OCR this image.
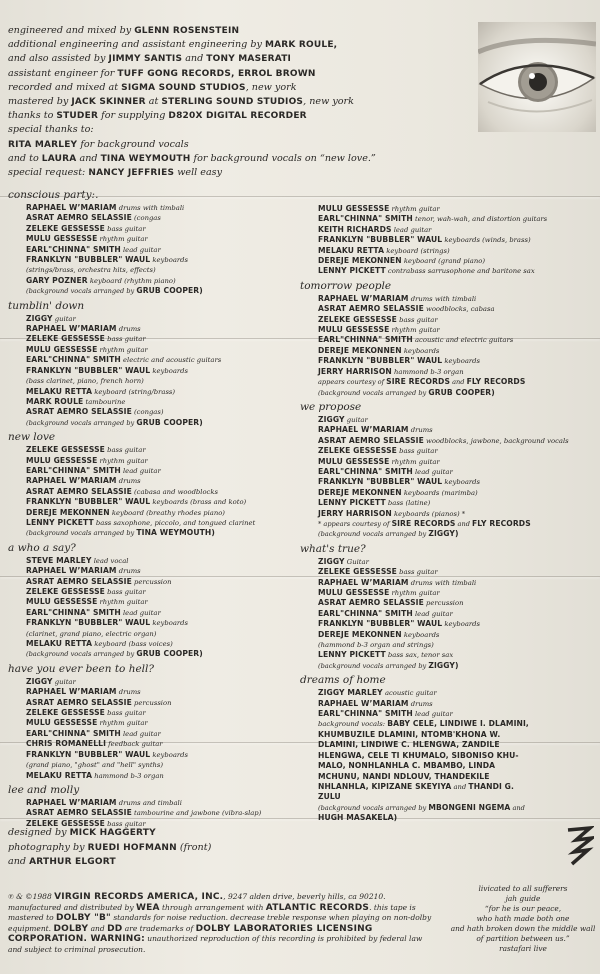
engineered and mixed by GLENN ROSENSTEIN
additional engineering and assistant engineering by MARK ROULE,
and also assisted by JIMMY SANTIS and TONY MASERATI
assistant engineer for TUFF GONG RECORDS, ERROL BROWN
recorded and mixed at SIGMA SOUND STUDIOS, new york
mastered by JACK SKINNER at STERLING SOUND STUDIOS, new york
thanks to STUDER for supplying D820X DIGITAL RECORDER
special thanks to:
RITA MARLEY for background vocals
and to LAURA and TINA WEYMOUTH for background vocals on “new love.”
special request: NANCY JEFFRIES well easy
conscious party:.
RAPHAEL W’MARIAM drums with timbali
ASRAT AEMRO SELASSIE (congas
ZELEKE GESSESSE bass guitar
MULU GESSESSE rhythm guitar
EARL"CHINNA" SMITH lead guitar
FRANKLYN "BUBBLER" WAUL keyboards
(strings/brass, orchestra hits, effects)
GARY POZNER keyboard (rhythm piano)
(background vocals arranged by GRUB COOPER)
tumblin' down
ZIGGY guitar
RAPHAEL W’MARIAM drums
ZELEKE GESSESSE bass guitar
MULU GESSESSE rhythm guitar
EARL"CHINNA" SMITH electric and acoustic guitars
FRANKLYN "BUBBLER" WAUL keyboards
(bass clarinet, piano, french horn)
MELAKU RETTA keyboard (string/brass)
MARK ROULE tambourine
ASRAT AEMRO SELASSIE (congas)
(background vocals arranged by GRUB COOPER)
new love
ZELEKE GESSESSE bass guitar
MULU GESSESSE rhythm guitar
EARL"CHINNA" SMITH lead guitar
RAPHAEL W’MARIAM drums
ASRAT AEMRO SELASSIE (cabasa and woodblocks
FRANKLYN "BUBBLER" WAUL keyboards (brass and koto)
DEREJE MEKONNEN keyboard (breathy rhodes piano)
LENNY PICKETT bass saxophone, piccolo, and tongued clarinet
(background vocals arranged by TINA WEYMOUTH)
a who a say?
STEVE MARLEY lead vocal
RAPHAEL W’MARIAM drums
ASRAT AEMRO SELASSIE percussion
ZELEKE GESSESSE bass guitar
MULU GESSESSE rhythm guitar
EARL"CHINNA" SMITH lead guitar
FRANKLYN "BUBBLER" WAUL keyboards
(clarinet, grand piano, electric organ)
MELAKU RETTA keyboard (bass voices)
(background vocals arranged by GRUB COOPER)
have you ever been to hell?
ZIGGY guitar
RAPHAEL W’MARIAM drums
ASRAT AEMRO SELASSIE percussion
ZELEKE GESSESSE bass guitar
MULU GESSESSE rhythm guitar
EARL"CHINNA" SMITH lead guitar
CHRIS ROMANELLI feedback guitar
FRANKLYN "BUBBLER" WAUL keyboards
(grand piano, "ghost" and "hell" synths)
MELAKU RETTA hammond b-3 organ
lee and molly
RAPHAEL W’MARIAM drums and timbali
ASRAT AEMRO SELASSIE tambourine and jawbone (vibra-slap)
ZELEKE GESSESSE bass guitar
MULU GESSESSE rhythm guitar
EARL"CHINNA" SMITH tenor, wah-wah, and distortion guitars
KEITH RICHARDS lead guitar
FRANKLYN "BUBBLER" WAUL keyboards (winds, brass)
MELAKU RETTA keyboard (strings)
DEREJE MEKONNEN keyboard (grand piano)
LENNY PICKETT contrabass sarrusophone and baritone sax
tomorrow people
RAPHAEL W’MARIAM drums with timbali
ASRAT AEMRO SELASSIE woodblocks, cabasa
ZELEKE GESSESSE bass guitar
MULU GESSESSE rhythm guitar
EARL"CHINNA" SMITH acoustic and electric guitars
DEREJE MEKONNEN keyboards
FRANKLYN "BUBBLER" WAUL keyboards
JERRY HARRISON hammond b-3 organ
appears courtesy of SIRE RECORDS and FLY RECORDS
(background vocals arranged by GRUB COOPER)
we propose
ZIGGY guitar
RAPHAEL W’MARIAM drums
ASRAT AEMRO SELASSIE woodblocks, jawbone, background vocals
ZELEKE GESSESSE bass guitar
MULU GESSESSE rhythm guitar
EARL"CHINNA" SMITH lead guitar
FRANKLYN "BUBBLER" WAUL keyboards
DEREJE MEKONNEN keyboards (marimba)
LENNY PICKETT bass (latine)
JERRY HARRISON keyboards (pianos) *
* appears courtesy of SIRE RECORDS and FLY RECORDS
(background vocals arranged by ZIGGY)
what's true?
ZIGGY Guitar
ZELEKE GESSESSE bass guitar
RAPHAEL W’MARIAM drums with timbali
MULU GESSESSE rhythm guitar
ASRAT AEMRO SELASSIE percussion
EARL"CHINNA" SMITH lead guitar
FRANKLYN "BUBBLER" WAUL keyboards
DEREJE MEKONNEN keyboards
(hammond b-3 organ and strings)
LENNY PICKETT bass sax, tenor sax
(background vocals arranged by ZIGGY)
dreams of home
ZIGGY MARLEY acoustic guitar
RAPHAEL W’MARIAM drums
EARL"CHINNA" SMITH lead guitar
background vocals: BABY CELE, LINDIWE I. DLAMINI,
KHUMBUZILE DLAMINI, NTOMB'KHONA W.
DLAMINI, LINDIWE C. HLENGWA, ZANDILE
HLENGWA, CELE TI KHUMALO, SIBONISO KHU-
MALO, NONHLANHLA C. MBAMBO, LINDA
MCHUNU, NANDI NDLOUV, THANDEKILE
NHLANHLA, KIPIZANE SKEYIYA and THANDI G.
ZULU
(background vocals arranged by MBONGENI NGEMA and
HUGH MASAKELA)
designed by MICK HAGGERTY
photography by RUEDI HOFMANN (front)
and ARTHUR ELGORT
℗ & ©1988 VIRGIN RECORDS AMERICA, INC., 9247 alden drive, beverly hills, ca 90210.
manufactured and distributed by WEA through arrangement with ATLANTIC RECORDS. this tape is
mastered to DOLBY "B" standards for noise reduction. decrease treble response when playing on non-dolby
equipment. DOLBY and DD are trademarks of DOLBY LABORATORIES LICENSING
CORPORATION. WARNING: unauthorized reproduction of this recording is prohibited by federal law
and subject to criminal prosecution.
livicated to all sufferers
jah guide
“for he is our peace,
who hath made both one
and hath broken down the middle wall
of partition between us.”
rastafari live
